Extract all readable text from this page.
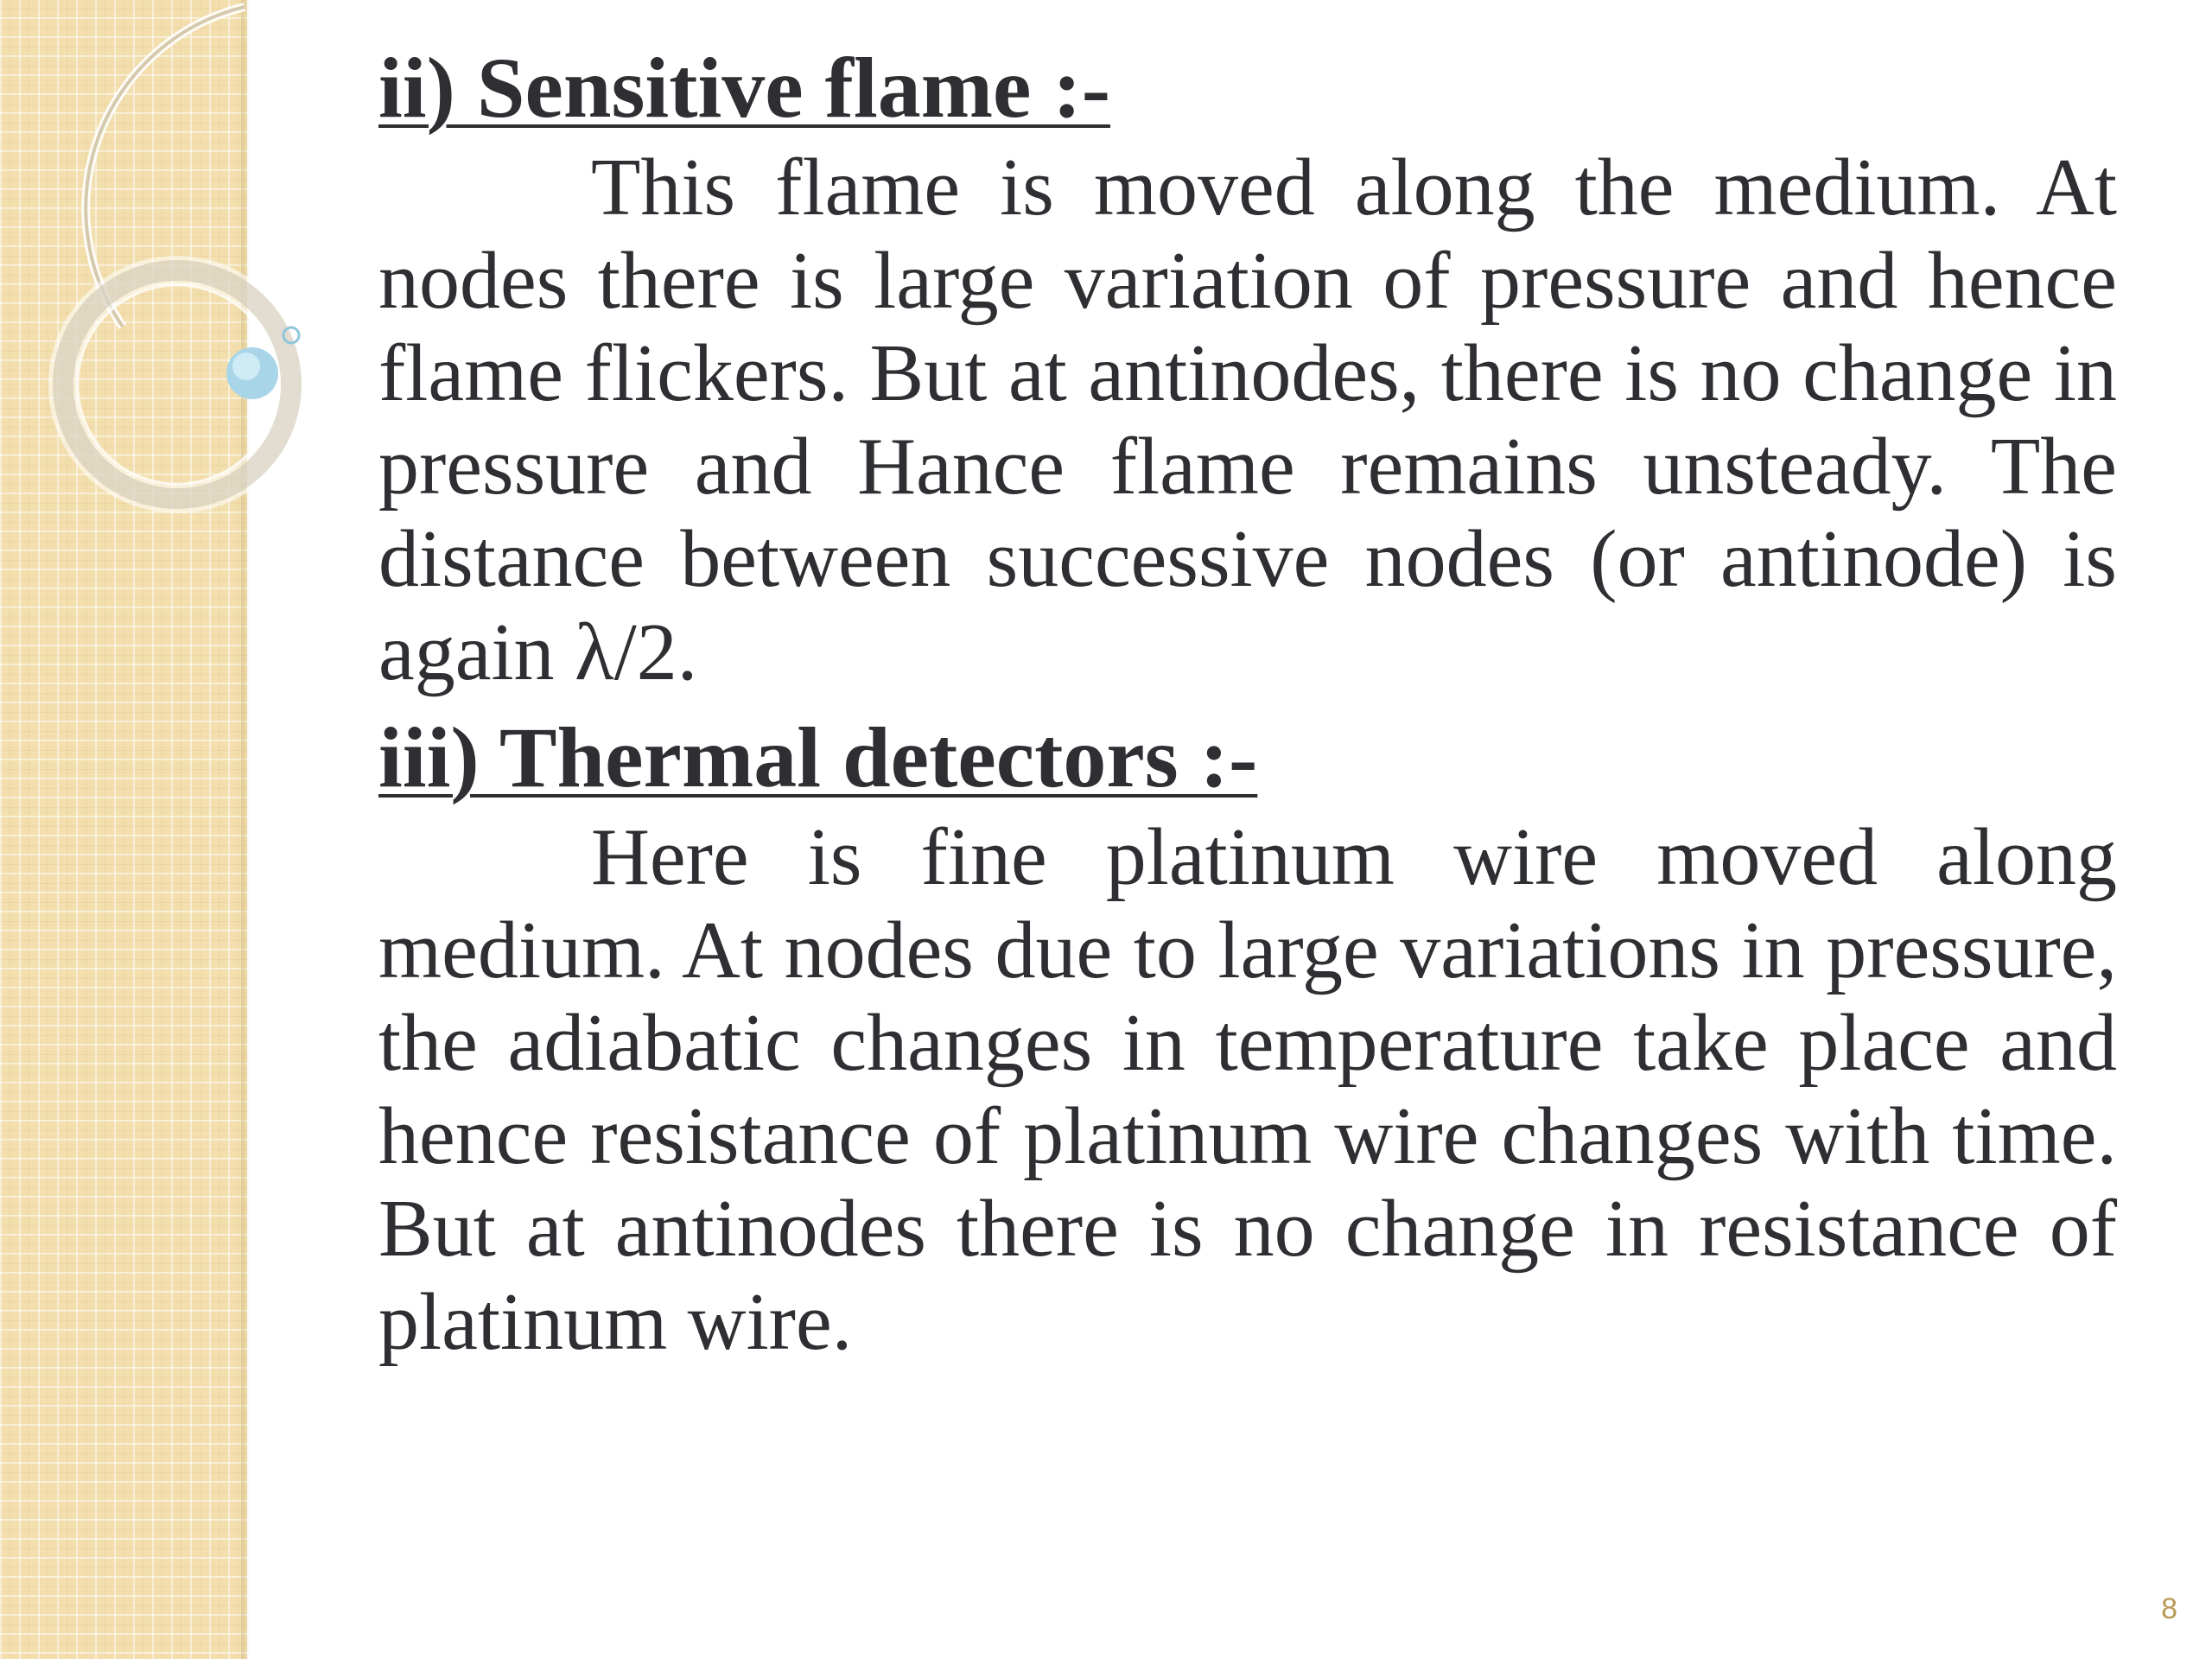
ii) Sensitive flame :-

This flame is moved along the medium. At nodes there is large variation of pressure and hence flame flickers. But at antinodes, there is no change in pressure and Hance flame remains unsteady. The distance between successive nodes (or antinode) is again λ/2.

iii) Thermal detectors :-

Here is fine platinum wire moved along medium. At nodes due to large variations in pressure, the adiabatic changes in temperature take place and hence resistance of platinum wire changes with time. But at antinodes there is no change in resistance of platinum wire.

8
